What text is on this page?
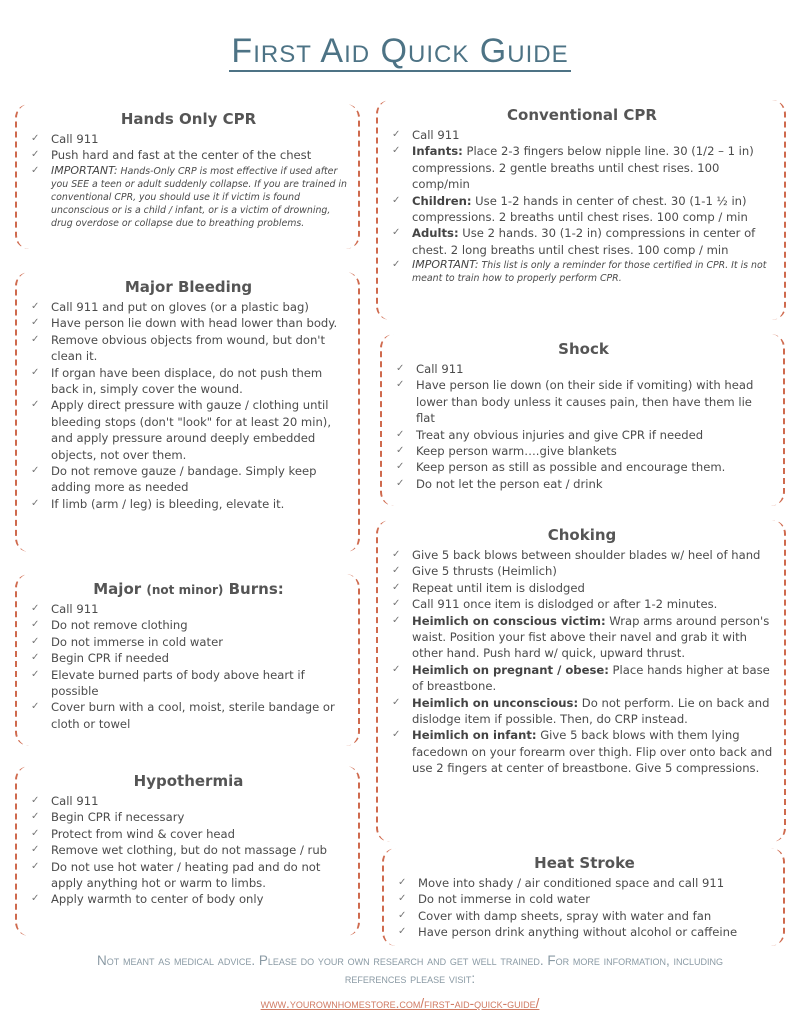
First Aid Quick Guide
Hands Only CPR
✓ Call 911
✓ Push hard and fast at the center of the chest
✓ IMPORTANT: Hands-Only CRP is most effective if used after you SEE a teen or adult suddenly collapse. If you are trained in conventional CPR, you should use it if victim is found unconscious or is a child / infant, or is a victim of drowning, drug overdose or collapse due to breathing problems.
Major Bleeding
✓ Call 911 and put on gloves (or a plastic bag)
✓ Have person lie down with head lower than body.
✓ Remove obvious objects from wound, but don't clean it.
✓ If organ have been displace, do not push them back in, simply cover the wound.
✓ Apply direct pressure with gauze / clothing until bleeding stops (don't "look" for at least 20 min), and apply pressure around deeply embedded objects, not over them.
✓ Do not remove gauze / bandage. Simply keep adding more as needed
✓ If limb (arm / leg) is bleeding, elevate it.
Major (not minor) Burns:
✓ Call 911
✓ Do not remove clothing
✓ Do not immerse in cold water
✓ Begin CPR if needed
✓ Elevate burned parts of body above heart if possible
✓ Cover burn with a cool, moist, sterile bandage or cloth or towel
Hypothermia
✓ Call 911
✓ Begin CPR if necessary
✓ Protect from wind & cover head
✓ Remove wet clothing, but do not massage / rub
✓ Do not use hot water / heating pad and do not apply anything hot or warm to limbs.
✓ Apply warmth to center of body only
Conventional CPR
✓ Call 911
✓ Infants: Place 2-3 fingers below nipple line. 30 (1/2 – 1 in) compressions. 2 gentle breaths until chest rises. 100 comp/min
✓ Children: Use 1-2 hands in center of chest. 30 (1-1 ½ in) compressions. 2 breaths until chest rises. 100 comp / min
✓ Adults: Use 2 hands. 30 (1-2 in) compressions in center of chest. 2 long breaths until chest rises. 100 comp / min
✓ IMPORTANT: This list is only a reminder for those certified in CPR. It is not meant to train how to properly perform CPR.
Shock
✓ Call 911
✓ Have person lie down (on their side if vomiting) with head lower than body unless it causes pain, then have them lie flat
✓ Treat any obvious injuries and give CPR if needed
✓ Keep person warm….give blankets
✓ Keep person as still as possible and encourage them.
✓ Do not let the person eat / drink
Choking
✓ Give 5 back blows between shoulder blades w/ heel of hand
✓ Give 5 thrusts (Heimlich)
✓ Repeat until item is dislodged
✓ Call 911 once item is dislodged or after 1-2 minutes.
✓ Heimlich on conscious victim: Wrap arms around person's waist. Position your fist above their navel and grab it with other hand. Push hard w/ quick, upward thrust.
✓ Heimlich on pregnant / obese: Place hands higher at base of breastbone.
✓ Heimlich on unconscious: Do not perform. Lie on back and dislodge item if possible. Then, do CRP instead.
✓ Heimlich on infant: Give 5 back blows with them lying facedown on your forearm over thigh. Flip over onto back and use 2 fingers at center of breastbone. Give 5 compressions.
Heat Stroke
✓ Move into shady / air conditioned space and call 911
✓ Do not immerse in cold water
✓ Cover with damp sheets, spray with water and fan
✓ Have person drink anything without alcohol or caffeine
Not meant as medical advice. Please do your own research and get well trained. For more information, including references please visit:
www.yourownhomestore.com/first-aid-quick-guide/
